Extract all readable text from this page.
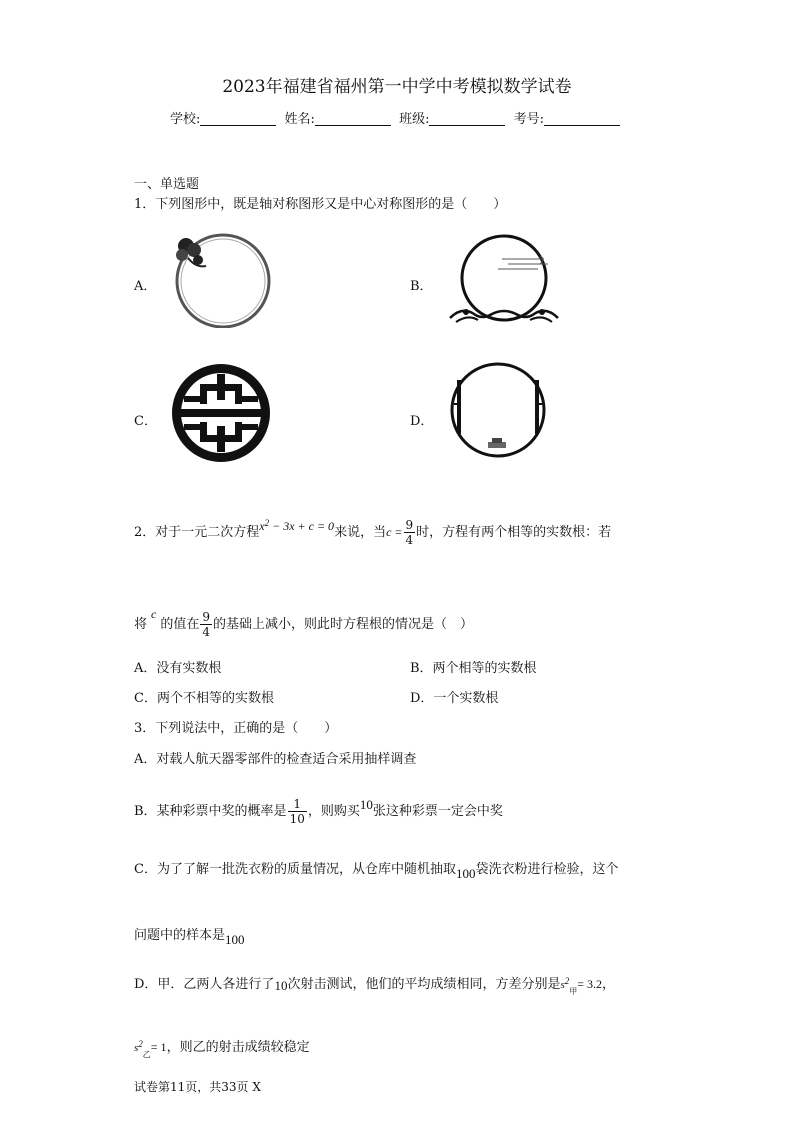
2023年福建省福州第一中学中考模拟数学试卷
学校:	姓名:	班级:	考号:
一、单选题
1．下列图形中，既是轴对称图形又是中心对称图形的是（　　）
A．	B．
C．	D．
2．对于一元二次方程$x^2 - 3x + c = 0$来说，当$c = \frac{9}{4}$ 时，方程有两个相等的实数根：若
将c的值在 $\frac{9}{4}$ 的基础上减小，则此时方程根的情况是（　）
A．没有实数根	B．两个相等的实数根
C．两个不相等的实数根	D．一个实数根
3．下列说法中，正确的是（　　）
A．对载人航天器零部件的检查适合采用抽样调查
B．某种彩票中奖的概率是 $\frac{1}{10}$ ，则购买10张这种彩票一定会中奖
C．为了了解一批洗衣粉的质量情况，从仓库中随机抽取100袋洗衣粉进行检验，这个
问题中的样本是100
D．甲．乙两人各进行了10次射击测试，他们的平均成绩相同，方差分别是$s^2_甲= 3.2$，
$s^2_乙= 1$，则乙的射击成绩较稳定
试卷第11页，共33页 X
